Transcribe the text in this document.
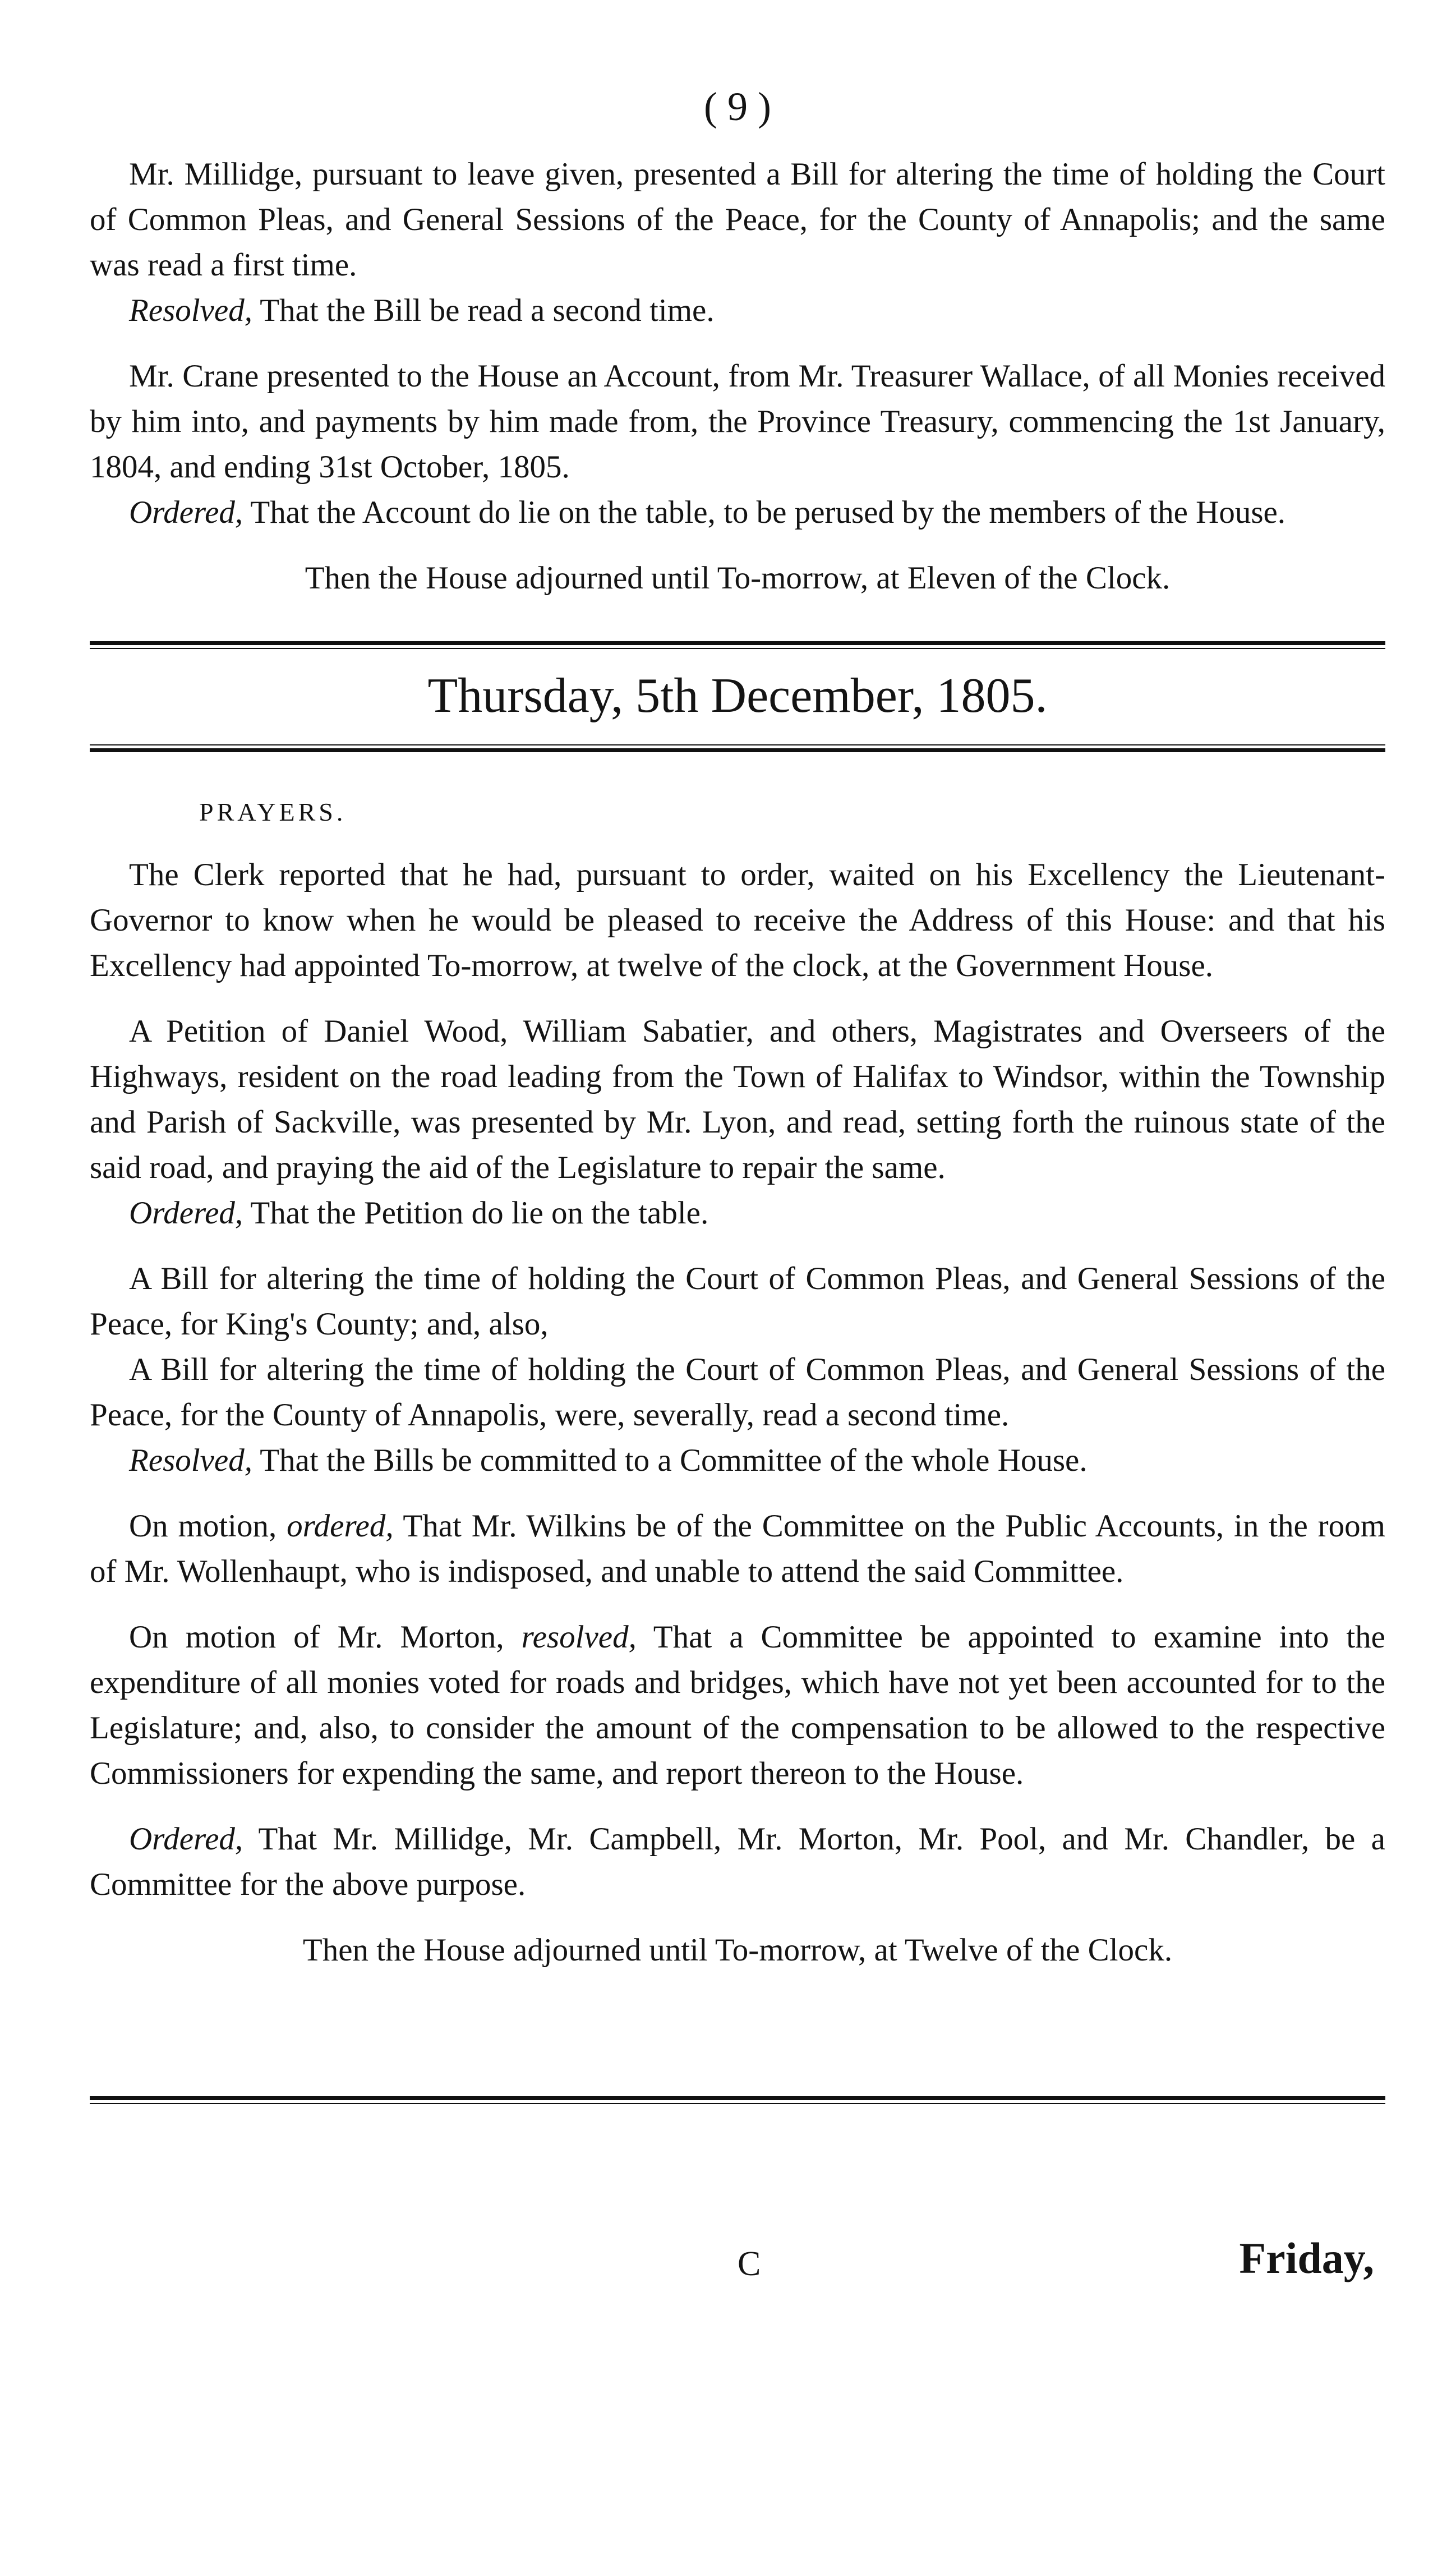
( 9 )

Mr. Millidge, pursuant to leave given, presented a Bill for altering the time of holding the Court of Common Pleas, and General Sessions of the Peace, for the County of Annapolis; and the same was read a first time.

Resolved, That the Bill be read a second time.

Mr. Crane presented to the House an Account, from Mr. Treasurer Wallace, of all Monies received by him into, and payments by him made from, the Province Treasury, commencing the 1st January, 1804, and ending 31st October, 1805.

Ordered, That the Account do lie on the table, to be perused by the members of the House.

Then the House adjourned until To-morrow, at Eleven of the Clock.

Thursday, 5th December, 1805.
PRAYERS.

The Clerk reported that he had, pursuant to order, waited on his Excellency the Lieutenant-Governor to know when he would be pleased to receive the Address of this House: and that his Excellency had appointed To-morrow, at twelve of the clock, at the Government House.

A Petition of Daniel Wood, William Sabatier, and others, Magistrates and Overseers of the Highways, resident on the road leading from the Town of Halifax to Windsor, within the Township and Parish of Sackville, was presented by Mr. Lyon, and read, setting forth the ruinous state of the said road, and praying the aid of the Legislature to repair the same.

Ordered, That the Petition do lie on the table.

A Bill for altering the time of holding the Court of Common Pleas, and General Sessions of the Peace, for King's County; and, also,

A Bill for altering the time of holding the Court of Common Pleas, and General Sessions of the Peace, for the County of Annapolis, were, severally, read a second time.

Resolved, That the Bills be committed to a Committee of the whole House.

On motion, ordered, That Mr. Wilkins be of the Committee on the Public Accounts, in the room of Mr. Wollenhaupt, who is indisposed, and unable to attend the said Committee.

On motion of Mr. Morton, resolved, That a Committee be appointed to examine into the expenditure of all monies voted for roads and bridges, which have not yet been accounted for to the Legislature; and, also, to consider the amount of the compensation to be allowed to the respective Commissioners for expending the same, and report thereon to the House.

Ordered, That Mr. Millidge, Mr. Campbell, Mr. Morton, Mr. Pool, and Mr. Chandler, be a Committee for the above purpose.

Then the House adjourned until To-morrow, at Twelve of the Clock.

C	Friday,
